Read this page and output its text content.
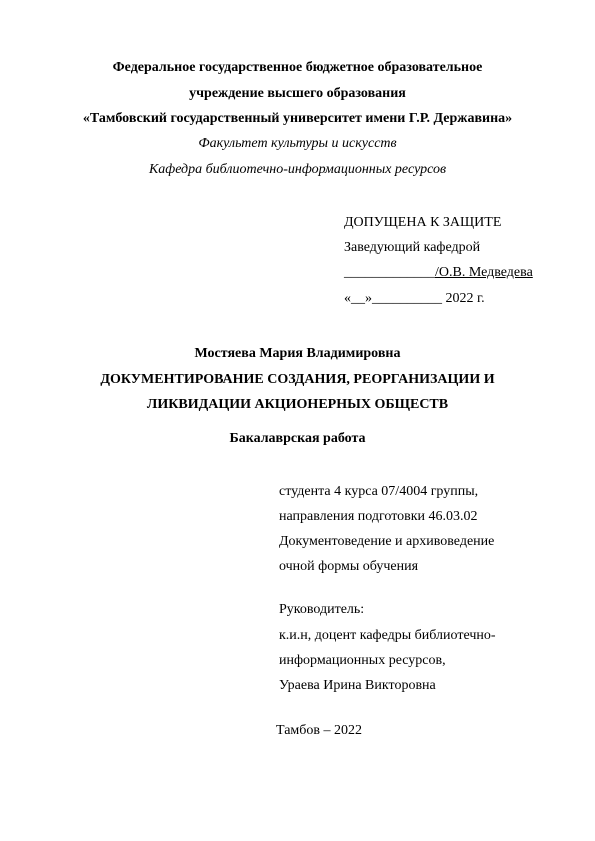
Федеральное государственное бюджетное образовательное
учреждение высшего образования
«Тамбовский государственный университет имени Г.Р. Державина»
Факультет культуры и искусств
Кафедра библиотечно-информационных ресурсов
ДОПУЩЕНА К ЗАЩИТЕ
Заведующий кафедрой
_____________/О.В. Медведева
«__»__________ 2022 г.
Мостяева Мария Владимировна
ДОКУМЕНТИРОВАНИЕ СОЗДАНИЯ, РЕОРГАНИЗАЦИИ И
ЛИКВИДАЦИИ АКЦИОНЕРНЫХ ОБЩЕСТВ
Бакалаврская работа
студента 4 курса 07/4004 группы,
направления подготовки 46.03.02
Документоведение и архивоведение
очной формы обучения
Руководитель:
к.и.н, доцент кафедры библиотечно-
информационных ресурсов,
Ураева Ирина Викторовна
Тамбов – 2022
